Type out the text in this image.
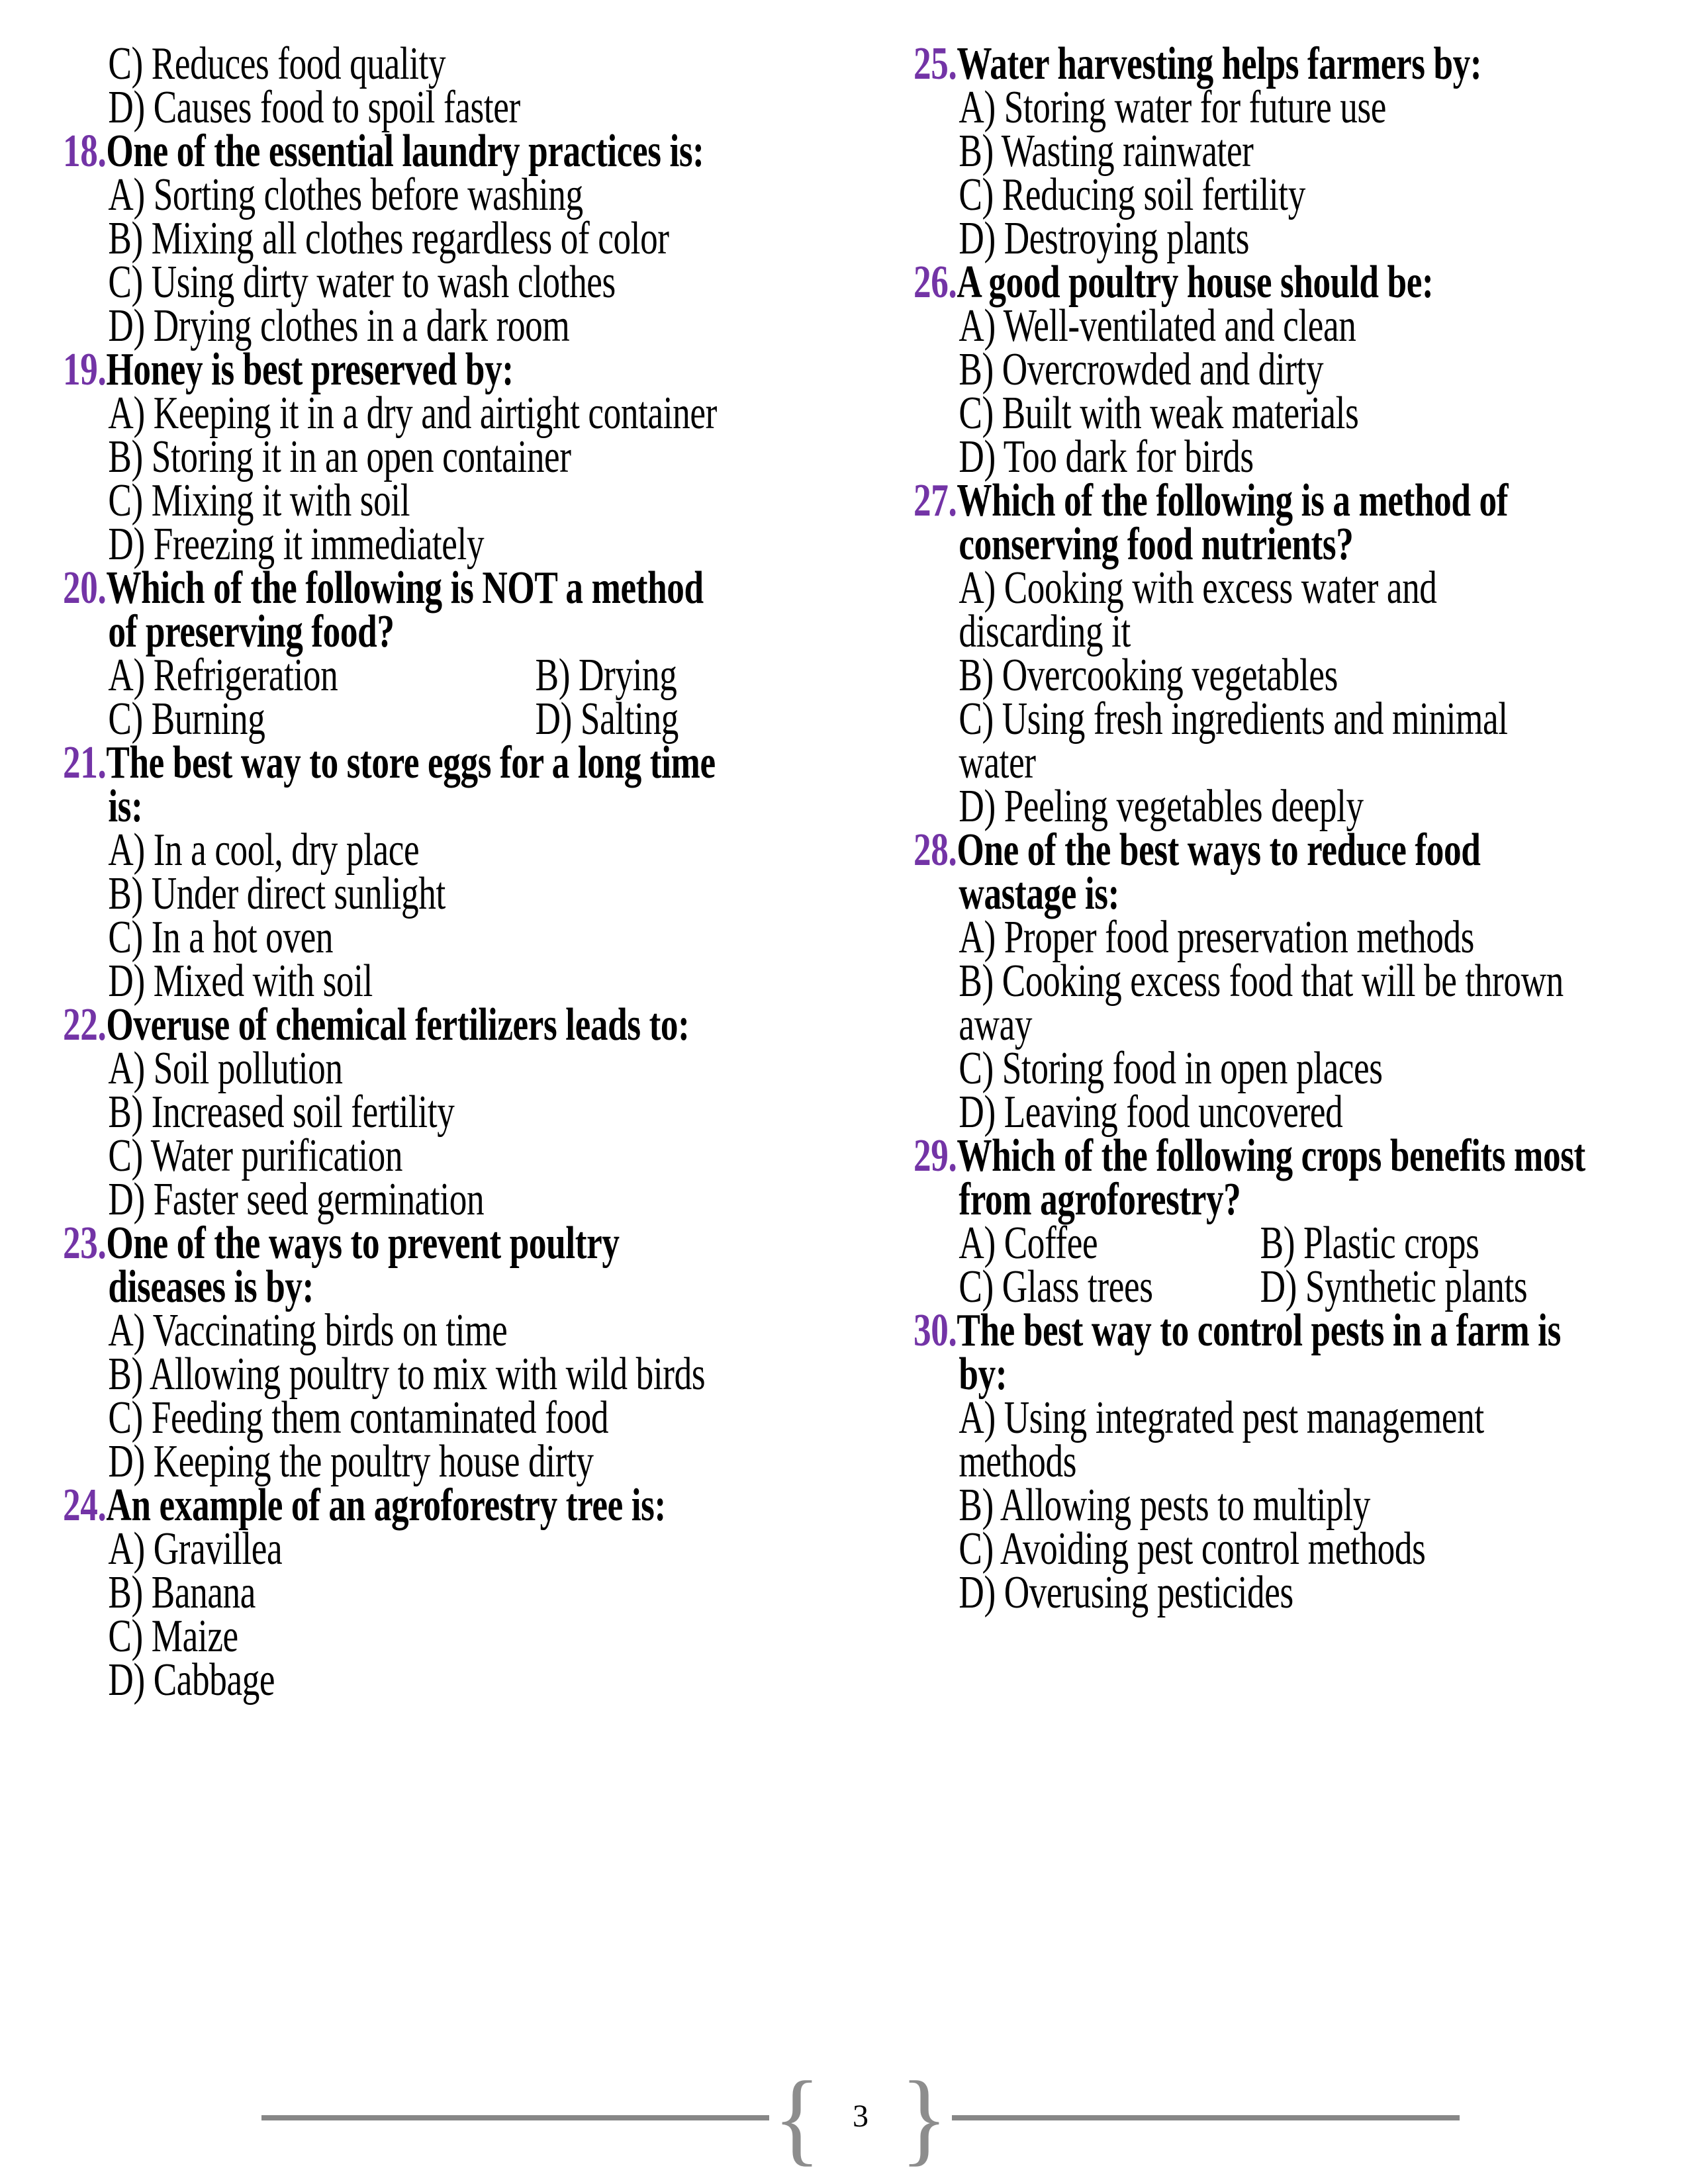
C) Reduces food quality
D) Causes food to spoil faster
18.One of the essential laundry practices is:
A) Sorting clothes before washing
B) Mixing all clothes regardless of color
C) Using dirty water to wash clothes
D) Drying clothes in a dark room
19.Honey is best preserved by:
A) Keeping it in a dry and airtight container
B) Storing it in an open container
C) Mixing it with soil
D) Freezing it immediately
20.Which of the following is NOT a method
of preserving food?
A) Refrigeration	B) Drying
C) Burning	D) Salting
21.The best way to store eggs for a long time
is:
A) In a cool, dry place
B) Under direct sunlight
C) In a hot oven
D) Mixed with soil
22.Overuse of chemical fertilizers leads to:
A) Soil pollution
B) Increased soil fertility
C) Water purification
D) Faster seed germination
23.One of the ways to prevent poultry
diseases is by:
A) Vaccinating birds on time
B) Allowing poultry to mix with wild birds
C) Feeding them contaminated food
D) Keeping the poultry house dirty
24.An example of an agroforestry tree is:
A) Gravillea
B) Banana
C) Maize
D) Cabbage
25.Water harvesting helps farmers by:
A) Storing water for future use
B) Wasting rainwater
C) Reducing soil fertility
D) Destroying plants
26.A good poultry house should be:
A) Well-ventilated and clean
B) Overcrowded and dirty
C) Built with weak materials
D) Too dark for birds
27.Which of the following is a method of
conserving food nutrients?
A) Cooking with excess water and
discarding it
B) Overcooking vegetables
C) Using fresh ingredients and minimal
water
D) Peeling vegetables deeply
28.One of the best ways to reduce food
wastage is:
A) Proper food preservation methods
B) Cooking excess food that will be thrown
away
C) Storing food in open places
D) Leaving food uncovered
29.Which of the following crops benefits most
from agroforestry?
A) Coffee	B) Plastic crops
C) Glass trees	D) Synthetic plants
30.The best way to control pests in a farm is
by:
A) Using integrated pest management
methods
B) Allowing pests to multiply
C) Avoiding pest control methods
D) Overusing pesticides
{ 3 }
